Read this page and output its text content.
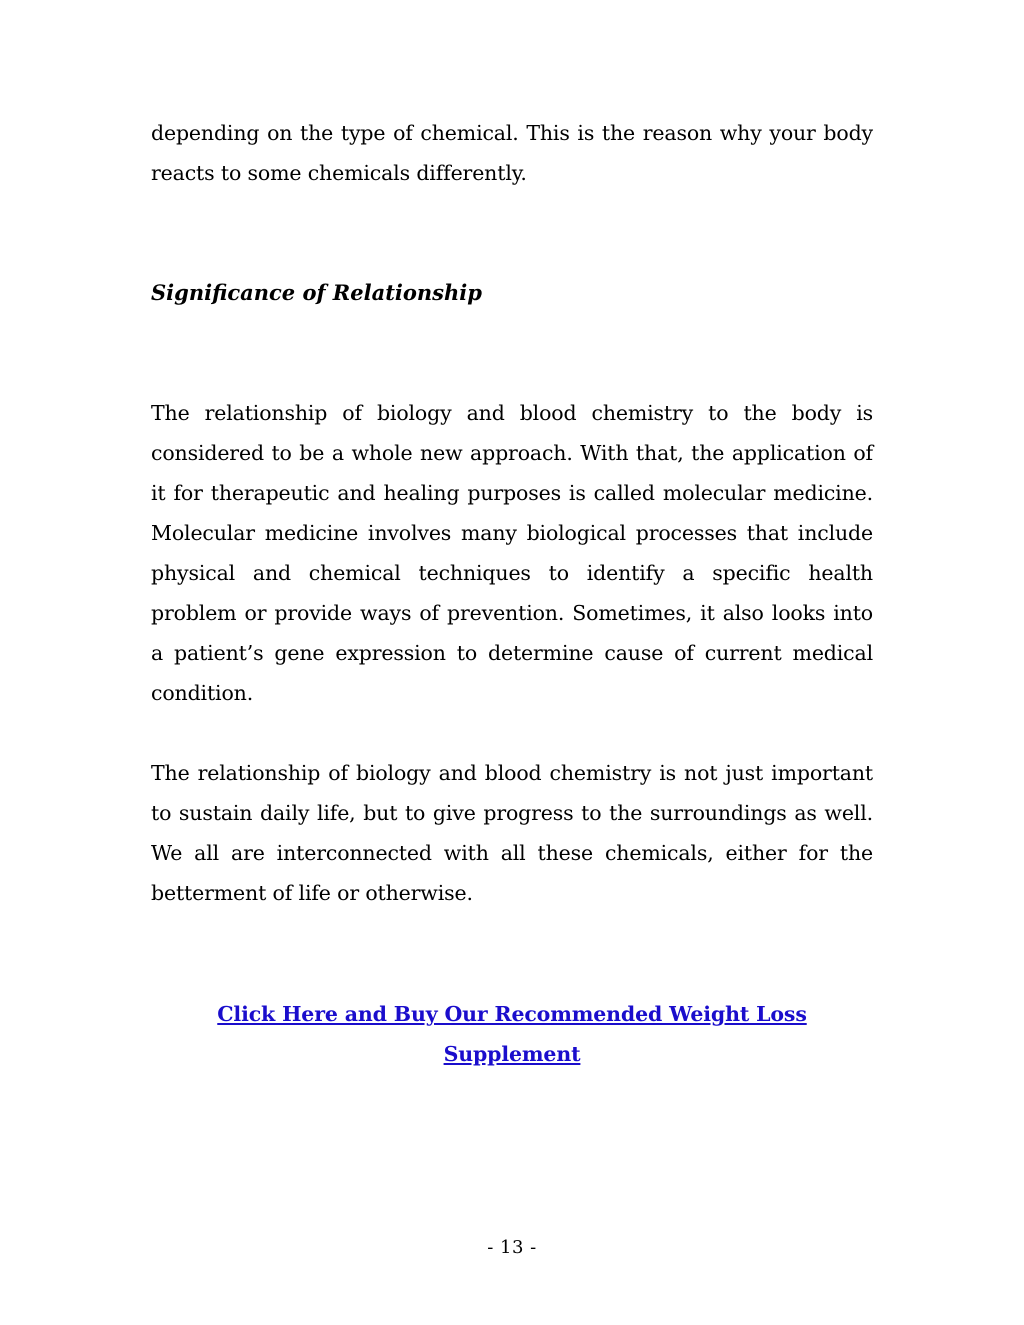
depending on the type of chemical. This is the reason why your body reacts to some chemicals differently.

Significance of Relationship

The relationship of biology and blood chemistry to the body is considered to be a whole new approach. With that, the application of it for therapeutic and healing purposes is called molecular medicine. Molecular medicine involves many biological processes that include physical and chemical techniques to identify a specific health problem or provide ways of prevention. Sometimes, it also looks into a patient’s gene expression to determine cause of current medical condition.

The relationship of biology and blood chemistry is not just important to sustain daily life, but to give progress to the surroundings as well. We all are interconnected with all these chemicals, either for the betterment of life or otherwise.

Click Here and Buy Our Recommended Weight Loss Supplement
- 13 -
